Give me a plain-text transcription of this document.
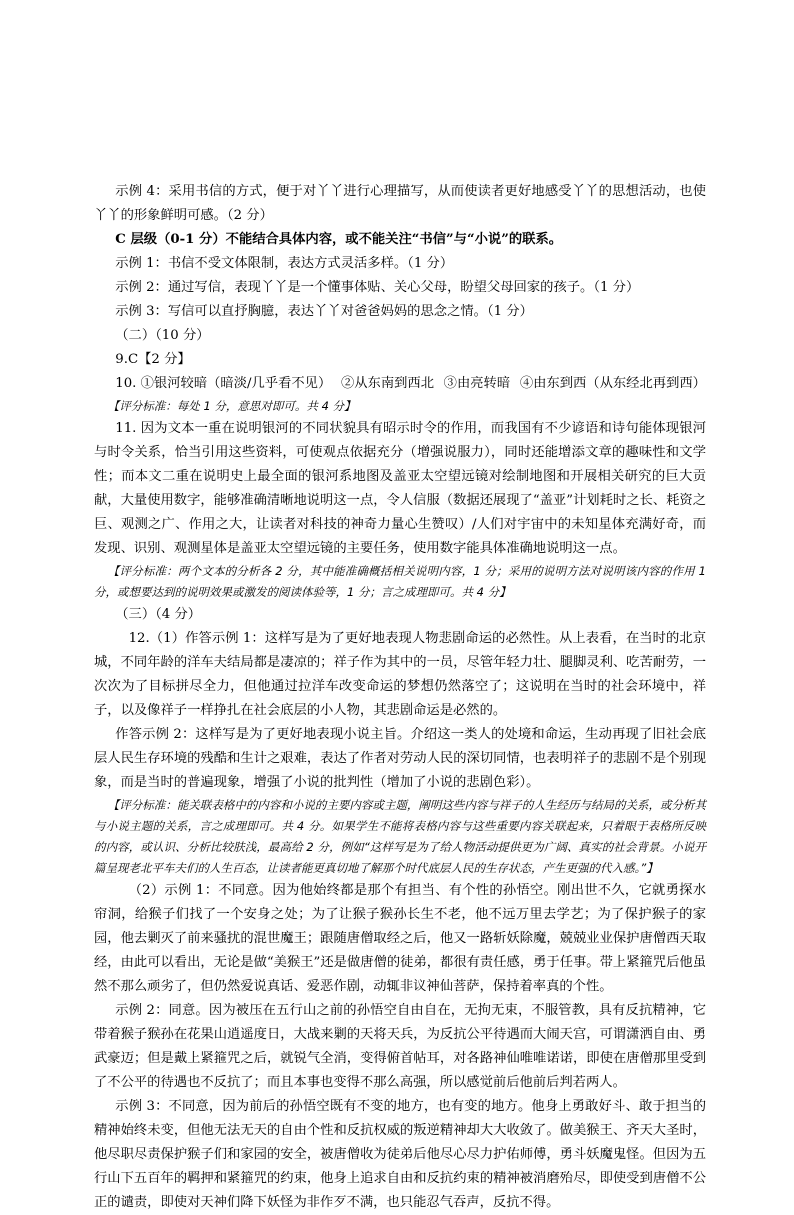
示例 4：采用书信的方式，便于对丫丫进行心理描写，从而使读者更好地感受丫丫的思想活动，也使丫丫的形象鲜明可感。（2 分）

C 层级（0-1 分）不能结合具体内容，或不能关注“书信”与“小说”的联系。

示例 1：书信不受文体限制，表达方式灵活多样。（1 分）

示例 2：通过写信，表现丫丫是一个懂事体贴、关心父母，盼望父母回家的孩子。（1 分）

示例 3：写信可以直抒胸臆，表达丫丫对爸爸妈妈的思念之情。（1 分）

（二）（10 分）

9.C【2 分】

10. ①银河较暗（暗淡/几乎看不见） ②从东南到西北 ③由亮转暗 ④由东到西（从东经北再到西）

【评分标准：每处 1 分，意思对即可。共 4 分】

11. 因为文本一重在说明银河的不同状貌具有昭示时令的作用，而我国有不少谚语和诗句能体现银河与时令关系，恰当引用这些资料，可使观点依据充分（增强说服力），同时还能增添文章的趣味性和文学性；而本文二重在说明史上最全面的银河系地图及盖亚太空望远镜对绘制地图和开展相关研究的巨大贡献，大量使用数字，能够准确清晰地说明这一点，令人信服（数据还展现了“盖亚”计划耗时之长、耗资之巨、观测之广、作用之大，让读者对科技的神奇力量心生赞叹）/人们对宇宙中的未知星体充满好奇，而发现、识别、观测星体是盖亚太空望远镜的主要任务，使用数字能具体准确地说明这一点。

【评分标准：两个文本的分析各 2 分，其中能准确概括相关说明内容，1 分；采用的说明方法对说明该内容的作用 1 分，或想要达到的说明效果或激发的阅读体验等，1 分；言之成理即可。共 4 分】

（三）（4 分）

12.（1）作答示例 1：这样写是为了更好地表现人物悲剧命运的必然性。从上表看，在当时的北京城，不同年龄的洋车夫结局都是凄凉的；祥子作为其中的一员，尽管年轻力壮、腿脚灵利、吃苦耐劳，一次次为了目标拼尽全力，但他通过拉洋车改变命运的梦想仍然落空了；这说明在当时的社会环境中，祥子，以及像祥子一样挣扎在社会底层的小人物，其悲剧命运是必然的。

作答示例 2：这样写是为了更好地表现小说主旨。介绍这一类人的处境和命运，生动再现了旧社会底层人民生存环境的残酷和生计之艰难，表达了作者对劳动人民的深切同情，也表明祥子的悲剧不是个别现象，而是当时的普遍现象，增强了小说的批判性（增加了小说的悲剧色彩）。

【评分标准：能关联表格中的内容和小说的主要内容或主题，阐明这些内容与祥子的人生经历与结局的关系，或分析其与小说主题的关系，言之成理即可。共 4 分。如果学生不能将表格内容与这些重要内容关联起来，只着眼于表格所反映的内容，或认识、分析比较肤浅，最高给 2 分，例如“这样写是为了给人物活动提供更为广阔、真实的社会背景。小说开篇呈现老北平车夫们的人生百态，让读者能更真切地了解那个时代底层人民的生存状态，产生更强的代入感。”】

（2）示例 1：不同意。因为他始终都是那个有担当、有个性的孙悟空。刚出世不久，它就勇探水帘洞，给猴子们找了一个安身之处；为了让猴子猴孙长生不老，他不远万里去学艺；为了保护猴子的家园，他去剿灭了前来骚扰的混世魔王；跟随唐僧取经之后，他又一路斩妖除魔，兢兢业业保护唐僧西天取经，由此可以看出，无论是做“美猴王”还是做唐僧的徒弟，都很有责任感，勇于任事。带上紧箍咒后他虽然不那么顽劣了，但仍然爱说真话、爱恶作剧，动辄非议神仙菩萨，保持着率真的个性。

示例 2：同意。因为被压在五行山之前的孙悟空自由自在，无拘无束，不服管教，具有反抗精神，它带着猴子猴孙在花果山逍遥度日，大战来剿的天将天兵，为反抗公平待遇而大闹天宫，可谓潇洒自由、勇武豪迈；但是戴上紧箍咒之后，就锐气全消，变得俯首帖耳，对各路神仙唯唯诺诺，即使在唐僧那里受到了不公平的待遇也不反抗了；而且本事也变得不那么高强，所以感觉前后他前后判若两人。

示例 3：不同意，因为前后的孙悟空既有不变的地方，也有变的地方。他身上勇敢好斗、敢于担当的精神始终未变，但他无法无天的自由个性和反抗权威的叛逆精神却大大收敛了。做美猴王、齐天大圣时，他尽职尽责保护猴子们和家园的安全，被唐僧收为徒弟后他尽心尽力护佑师傅，勇斗妖魔鬼怪。但因为五行山下五百年的羁押和紧箍咒的约束，他身上追求自由和反抗约束的精神被消磨殆尽，即使受到唐僧不公正的谴责，即使对天神们降下妖怪为非作歹不满，也只能忍气吞声，反抗不得。
